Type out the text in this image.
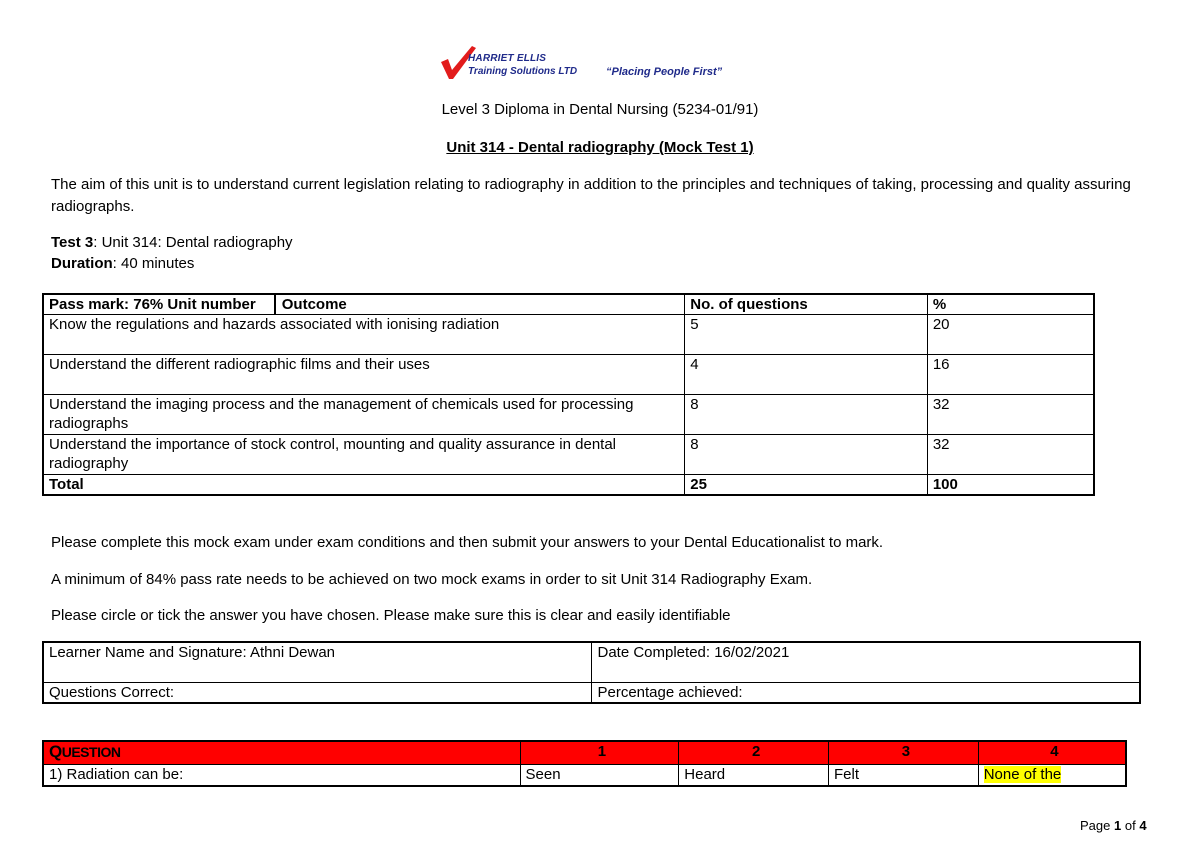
HARRIET ELLIS
Training Solutions LTD	“Placing People First”
Level 3 Diploma in Dental Nursing (5234-01/91)
Unit 314 - Dental radiography (Mock Test 1)
The aim of this unit is to understand current legislation relating to radiography in addition to the principles and techniques of taking, processing and quality assuring radiographs.
Test 3: Unit 314: Dental radiography
Duration: 40 minutes
Pass mark: 76% Unit number Outcome	No. of questions	%
Know the regulations and hazards associated with ionising radiation	5	20
Understand the different radiographic films and their uses	4	16
Understand the imaging process and the management of chemicals used for processing radiographs	8	32
Understand the importance of stock control, mounting and quality assurance in dental radiography	8	32
Total	25	100
Please complete this mock exam under exam conditions and then submit your answers to your Dental Educationalist to mark.
A minimum of 84% pass rate needs to be achieved on two mock exams in order to sit Unit 314 Radiography Exam.
Please circle or tick the answer you have chosen. Please make sure this is clear and easily identifiable
Learner Name and Signature: Athni Dewan	Date Completed: 16/02/2021
Questions Correct:	Percentage achieved:
QUESTION	1	2	3	4
1) Radiation can be:	Seen	Heard	Felt	None of the
Page 1 of 4
